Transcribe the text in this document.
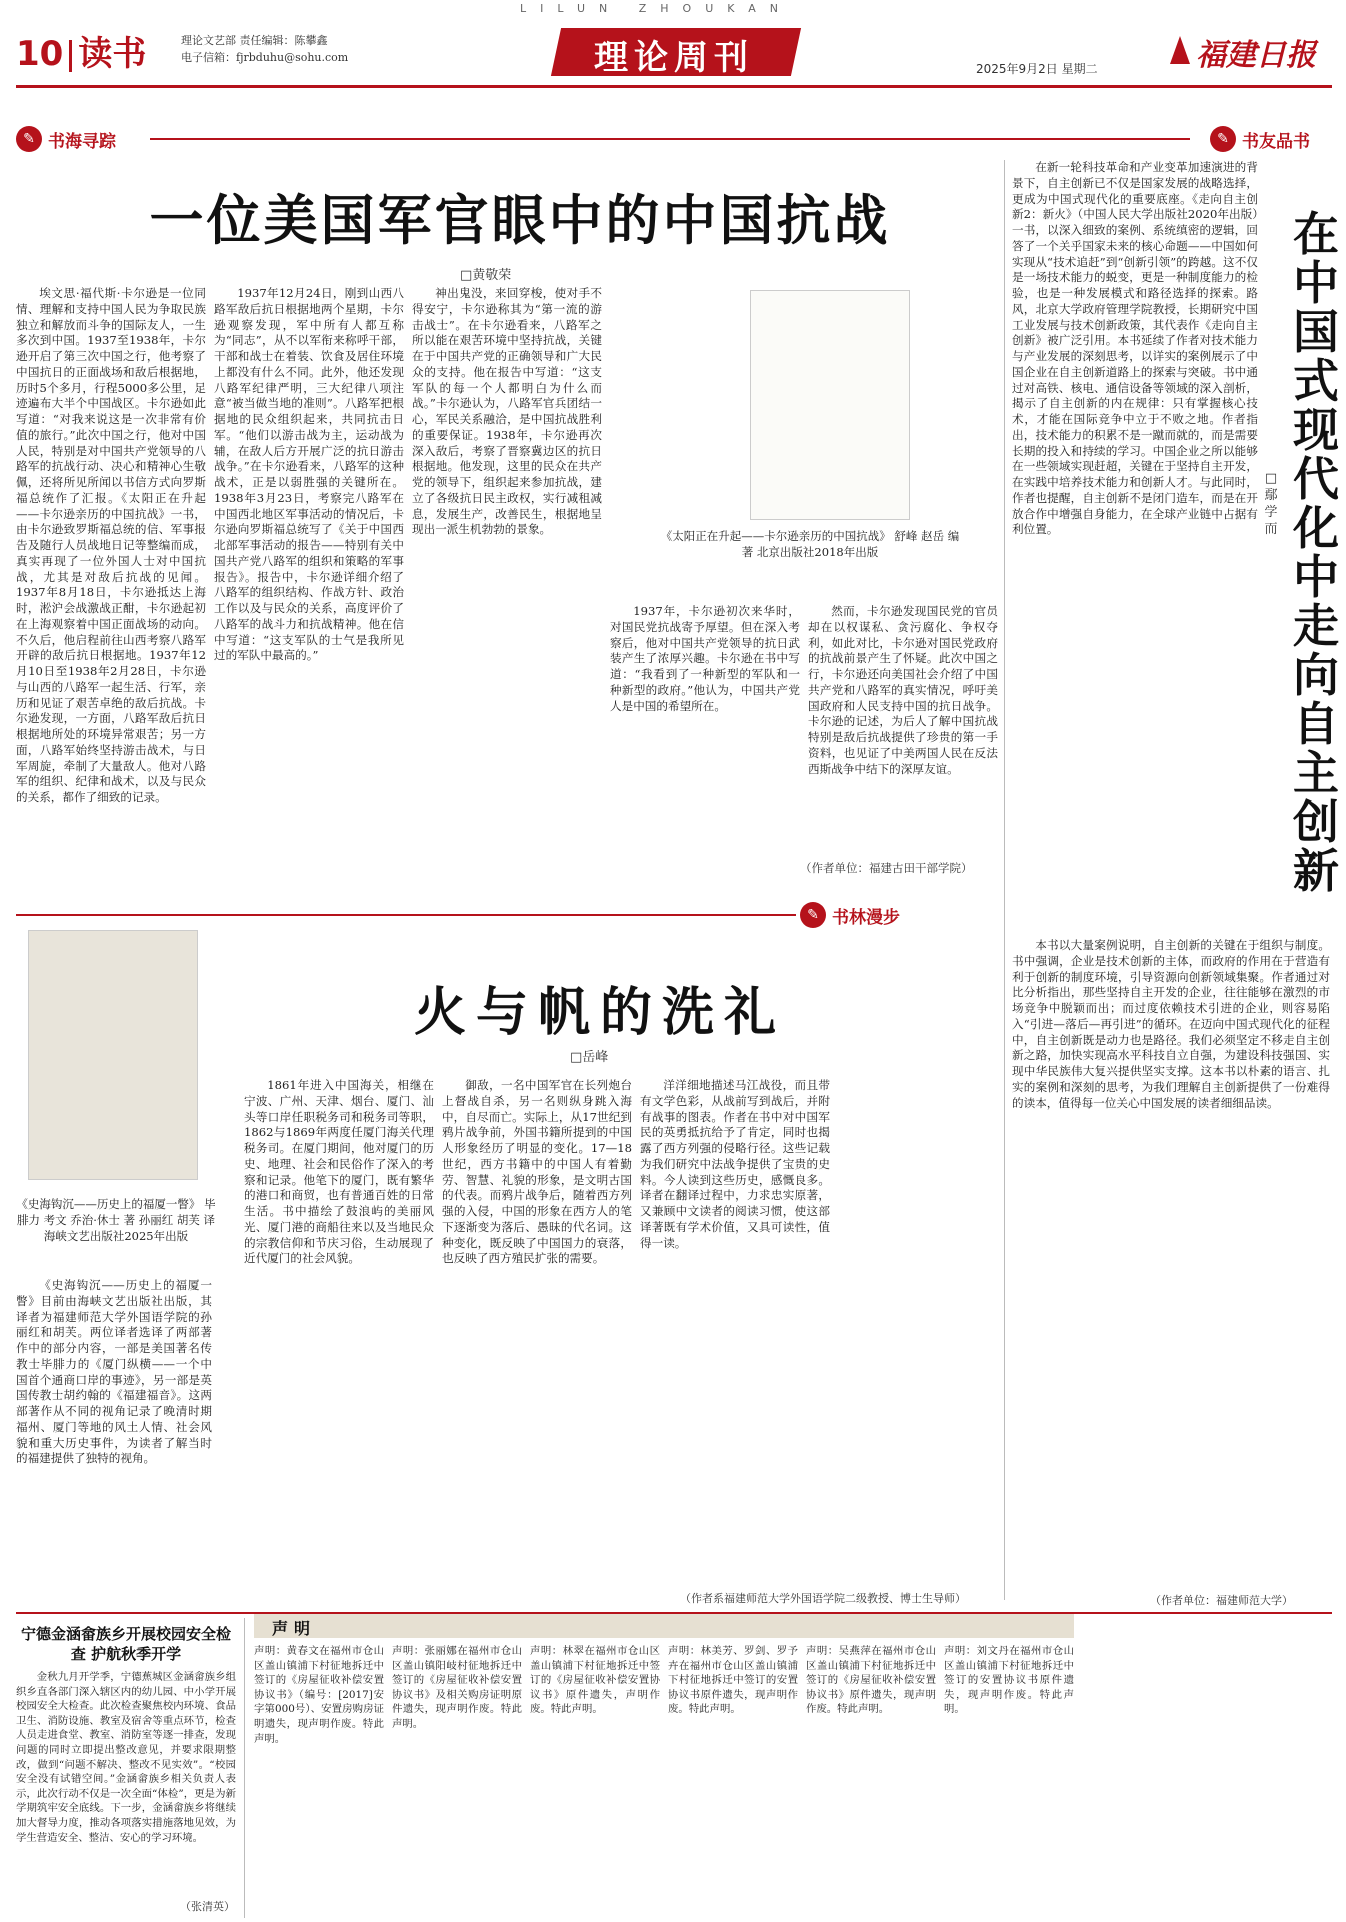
LILUN ZHOUKAN
10 读书	理论文艺部 责任编辑：陈攀鑫
电子信箱：fjrbduhu@sohu.com	理论周刊	2025年9月2日 星期二	福建日报
✎ 书海寻踪	✎ 书友品书
一位美国军官眼中的中国抗战
□黄敬荣
埃文思·福代斯·卡尔逊是一位同情、理解和支持中国人民为争取民族独立和解放而斗争的国际友人，一生多次到中国。1937至1938年，卡尔逊开启了第三次中国之行，他考察了中国抗日的正面战场和敌后根据地，历时5个多月，行程5000多公里，足迹遍布大半个中国战区。卡尔逊如此写道：“对我来说这是一次非常有价值的旅行。”此次中国之行，他对中国人民，特别是对中国共产党领导的八路军的抗战行动、决心和精神心生敬佩，还将所见所闻以书信方式向罗斯福总统作了汇报。《太阳正在升起——卡尔逊亲历的中国抗战》一书，由卡尔逊致罗斯福总统的信、军事报告及随行人员战地日记等整编而成，真实再现了一位外国人士对中国抗战，尤其是对敌后抗战的见闻。1937年8月18日，卡尔逊抵达上海时，淞沪会战激战正酣，卡尔逊起初在上海观察着中国正面战场的动向。不久后，他启程前往山西考察八路军开辟的敌后抗日根据地。1937年12月10日至1938年2月28日，卡尔逊与山西的八路军一起生活、行军，亲历和见证了艰苦卓绝的敌后抗战。卡尔逊发现，一方面，八路军敌后抗日根据地所处的环境异常艰苦；另一方面，八路军始终坚持游击战术，与日军周旋，牵制了大量敌人。他对八路军的组织、纪律和战术，以及与民众的关系，都作了细致的记录。
1937年12月24日，刚到山西八路军敌后抗日根据地两个星期，卡尔逊观察发现，军中所有人都互称为“同志”，从不以军衔来称呼干部，干部和战士在着装、饮食及居住环境上都没有什么不同。此外，他还发现八路军纪律严明，三大纪律八项注意“被当做当地的准则”。八路军把根据地的民众组织起来，共同抗击日军。“他们以游击战为主，运动战为辅，在敌人后方开展广泛的抗日游击战争。”在卡尔逊看来，八路军的这种战术，正是以弱胜强的关键所在。1938年3月23日，考察完八路军在中国西北地区军事活动的情况后，卡尔逊向罗斯福总统写了《关于中国西北部军事活动的报告——特别有关中国共产党八路军的组织和策略的军事报告》。报告中，卡尔逊详细介绍了八路军的组织结构、作战方针、政治工作以及与民众的关系，高度评价了八路军的战斗力和抗战精神。他在信中写道：“这支军队的士气是我所见过的军队中最高的。”
神出鬼没，来回穿梭，使对手不得安宁，卡尔逊称其为“第一流的游击战士”。在卡尔逊看来，八路军之所以能在艰苦环境中坚持抗战，关键在于中国共产党的正确领导和广大民众的支持。他在报告中写道：“这支军队的每一个人都明白为什么而战。”卡尔逊认为，八路军官兵团结一心，军民关系融洽，是中国抗战胜利的重要保证。1938年，卡尔逊再次深入敌后，考察了晋察冀边区的抗日根据地。他发现，这里的民众在共产党的领导下，组织起来参加抗战，建立了各级抗日民主政权，实行减租减息，发展生产，改善民生，根据地呈现出一派生机勃勃的景象。	《太阳正在升起——卡尔逊亲历的中国抗战》 舒峰 赵岳 编著 北京出版社2018年出版
1937年，卡尔逊初次来华时，对国民党抗战寄予厚望。但在深入考察后，他对中国共产党领导的抗日武装产生了浓厚兴趣。卡尔逊在书中写道：“我看到了一种新型的军队和一种新型的政府。”他认为，中国共产党人是中国的希望所在。
然而，卡尔逊发现国民党的官员却在以权谋私、贪污腐化、争权夺利，如此对比，卡尔逊对国民党政府的抗战前景产生了怀疑。此次中国之行，卡尔逊还向美国社会介绍了中国共产党和八路军的真实情况，呼吁美国政府和人民支持中国的抗日战争。卡尔逊的记述，为后人了解中国抗战特别是敌后抗战提供了珍贵的第一手资料，也见证了中美两国人民在反法西斯战争中结下的深厚友谊。
（作者单位：福建古田干部学院）
✎ 书林漫步
《史海钩沉——历史上的福厦一瞥》 毕腓力 考文 乔治·休士 著 孙丽红 胡芙 译 海峡文艺出版社2025年出版
火与帆的洗礼
□岳峰
《史海钩沉——历史上的福厦一瞥》目前由海峡文艺出版社出版，其译者为福建师范大学外国语学院的孙丽红和胡芙。两位译者选译了两部著作中的部分内容，一部是美国著名传教士毕腓力的《厦门纵横——一个中国首个通商口岸的事迹》，另一部是英国传教士胡约翰的《福建福音》。这两部著作从不同的视角记录了晚清时期福州、厦门等地的风土人情、社会风貌和重大历史事件，为读者了解当时的福建提供了独特的视角。
1861年进入中国海关，相继在宁波、广州、天津、烟台、厦门、汕头等口岸任职税务司和税务司等职，1862与1869年两度任厦门海关代理税务司。在厦门期间，他对厦门的历史、地理、社会和民俗作了深入的考察和记录。他笔下的厦门，既有繁华的港口和商贸，也有普通百姓的日常生活。书中描绘了鼓浪屿的美丽风光、厦门港的商船往来以及当地民众的宗教信仰和节庆习俗，生动展现了近代厦门的社会风貌。
御敌，一名中国军官在长列炮台上督战自杀，另一名则纵身跳入海中，自尽而亡。实际上，从17世纪到鸦片战争前，外国书籍所提到的中国人形象经历了明显的变化。17—18世纪，西方书籍中的中国人有着勤劳、智慧、礼貌的形象，是文明古国的代表。而鸦片战争后，随着西方列强的入侵，中国的形象在西方人的笔下逐渐变为落后、愚昧的代名词。这种变化，既反映了中国国力的衰落，也反映了西方殖民扩张的需要。
洋洋细地描述马江战役，而且带有文学色彩，从战前写到战后，并附有战事的图表。作者在书中对中国军民的英勇抵抗给予了肯定，同时也揭露了西方列强的侵略行径。这些记载为我们研究中法战争提供了宝贵的史料。今人读到这些历史，感慨良多。译者在翻译过程中，力求忠实原著，又兼顾中文读者的阅读习惯，使这部译著既有学术价值，又具可读性，值得一读。
（作者系福建师范大学外国语学院二级教授、博士生导师）
在中国式现代化中走向自主创新
□鄢学而
在新一轮科技革命和产业变革加速演进的背景下，自主创新已不仅是国家发展的战略选择，更成为中国式现代化的重要底座。《走向自主创新2：新火》（中国人民大学出版社2020年出版）一书，以深入细致的案例、系统缜密的逻辑，回答了一个关乎国家未来的核心命题——中国如何实现从“技术追赶”到“创新引领”的跨越。这不仅是一场技术能力的蜕变，更是一种制度能力的检验，也是一种发展模式和路径选择的探索。路风，北京大学政府管理学院教授，长期研究中国工业发展与技术创新政策，其代表作《走向自主创新》被广泛引用。本书延续了作者对技术能力与产业发展的深刻思考，以详实的案例展示了中国企业在自主创新道路上的探索与突破。书中通过对高铁、核电、通信设备等领域的深入剖析，揭示了自主创新的内在规律：只有掌握核心技术，才能在国际竞争中立于不败之地。作者指出，技术能力的积累不是一蹴而就的，而是需要长期的投入和持续的学习。中国企业之所以能够在一些领域实现赶超，关键在于坚持自主开发，在实践中培养技术能力和创新人才。与此同时，作者也提醒，自主创新不是闭门造车，而是在开放合作中增强自身能力，在全球产业链中占据有利位置。
本书以大量案例说明，自主创新的关键在于组织与制度。书中强调，企业是技术创新的主体，而政府的作用在于营造有利于创新的制度环境，引导资源向创新领域集聚。作者通过对比分析指出，那些坚持自主开发的企业，往往能够在激烈的市场竞争中脱颖而出；而过度依赖技术引进的企业，则容易陷入“引进—落后—再引进”的循环。在迈向中国式现代化的征程中，自主创新既是动力也是路径。我们必须坚定不移走自主创新之路，加快实现高水平科技自立自强，为建设科技强国、实现中华民族伟大复兴提供坚实支撑。这本书以朴素的语言、扎实的案例和深刻的思考，为我们理解自主创新提供了一份难得的读本，值得每一位关心中国发展的读者细细品读。
（作者单位：福建师范大学）
宁德金涵畲族乡开展校园安全检查 护航秋季开学
金秋九月开学季，宁德蕉城区金涵畲族乡组织乡直各部门深入辖区内的幼儿园、中小学开展校园安全大检查。此次检查聚焦校内环境、食品卫生、消防设施、教室及宿舍等重点环节，检查人员走进食堂、教室、消防室等逐一排查，发现问题的同时立即提出整改意见，并要求限期整改，做到“问题不解决、整改不见实效”。“校园安全没有试错空间。”金涵畲族乡相关负责人表示，此次行动不仅是一次全面“体检”，更是为新学期筑牢安全底线。下一步，金涵畲族乡将继续加大督导力度，推动各项落实措施落地见效，为学生营造安全、整洁、安心的学习环境。
（张清英）
声明
声明：黄春文在福州市仓山区盖山镇浦下村征地拆迁中签订的《房屋征收补偿安置协议书》（编号：[2017]安字第000号）、安置房购房证明遗失，现声明作废。特此声明。
声明：张丽娜在福州市仓山区盖山镇阳岐村征地拆迁中签订的《房屋征收补偿安置协议书》及相关购房证明原件遗失，现声明作废。特此声明。
声明：林翠在福州市仓山区盖山镇浦下村征地拆迁中签订的《房屋征收补偿安置协议书》原件遗失，声明作废。特此声明。
声明：林美芳、罗剑、罗予卉在福州市仓山区盖山镇浦下村征地拆迁中签订的安置协议书原件遗失，现声明作废。特此声明。
声明：吴燕萍在福州市仓山区盖山镇浦下村征地拆迁中签订的《房屋征收补偿安置协议书》原件遗失，现声明作废。特此声明。
声明：刘文丹在福州市仓山区盖山镇浦下村征地拆迁中签订的安置协议书原件遗失，现声明作废。特此声明。
